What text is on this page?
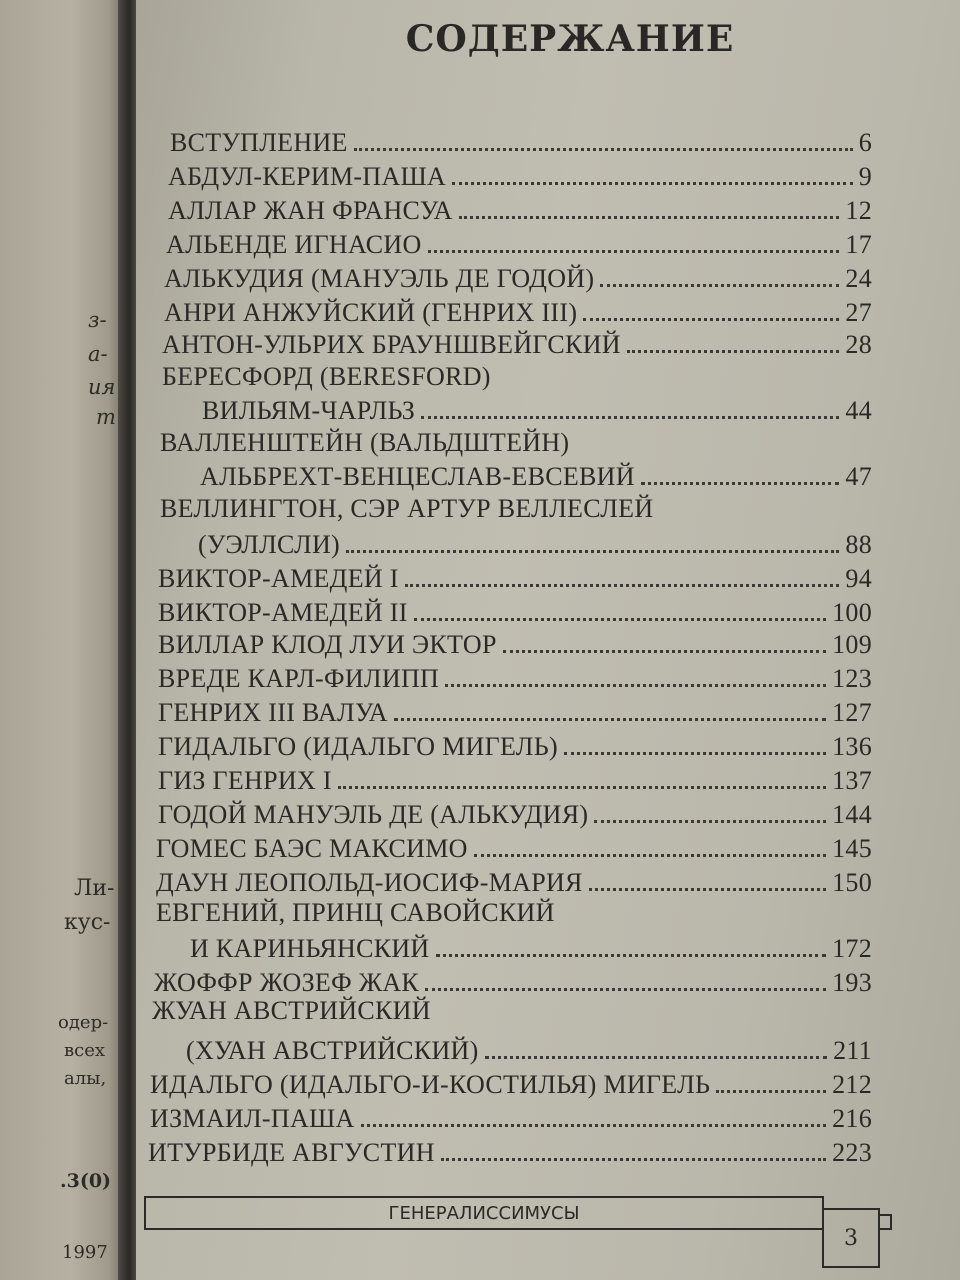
з-
а-
ия
т
Ли-
кус-
одер-
всех
алы,
.3(0)
1997
СОДЕРЖАНИЕ
ВСТУПЛЕНИЕ	6
АБДУЛ-КЕРИМ-ПАША	9
АЛЛАР ЖАН ФРАНСУА	12
АЛЬЕНДЕ ИГНАСИО	17
АЛЬКУДИЯ (МАНУЭЛЬ ДЕ ГОДОЙ)	24
АНРИ АНЖУЙСКИЙ (ГЕНРИХ III)	27
АНТОН-УЛЬРИХ БРАУНШВЕЙГСКИЙ	28
БЕРЕСФОРД (BERESFORD)
ВИЛЬЯМ-ЧАРЛЬЗ	44
ВАЛЛЕНШТЕЙН (ВАЛЬДШТЕЙН)
АЛЬБРЕХТ-ВЕНЦЕСЛАВ-ЕВСЕВИЙ	47
ВЕЛЛИНГТОН, СЭР АРТУР ВЕЛЛЕСЛЕЙ
(УЭЛЛСЛИ)	88
ВИКТОР-АМЕДЕЙ I	94
ВИКТОР-АМЕДЕЙ II	100
ВИЛЛАР КЛОД ЛУИ ЭКТОР	109
ВРЕДЕ КАРЛ-ФИЛИПП	123
ГЕНРИХ III ВАЛУА	127
ГИДАЛЬГО (ИДАЛЬГО МИГЕЛЬ)	136
ГИЗ ГЕНРИХ I	137
ГОДОЙ МАНУЭЛЬ ДЕ (АЛЬКУДИЯ)	144
ГОМЕС БАЭС МАКСИМО	145
ДАУН ЛЕОПОЛЬД-ИОСИФ-МАРИЯ	150
ЕВГЕНИЙ, ПРИНЦ САВОЙСКИЙ
И КАРИНЬЯНСКИЙ	172
ЖОФФР ЖОЗЕФ ЖАК	193
ЖУАН АВСТРИЙСКИЙ
(ХУАН АВСТРИЙСКИЙ)	211
ИДАЛЬГО (ИДАЛЬГО-И-КОСТИЛЬЯ) МИГЕЛЬ	212
ИЗМАИЛ-ПАША	216
ИТУРБИДЕ АВГУСТИН	223
ГЕНЕРАЛИССИМУСЫ
3
